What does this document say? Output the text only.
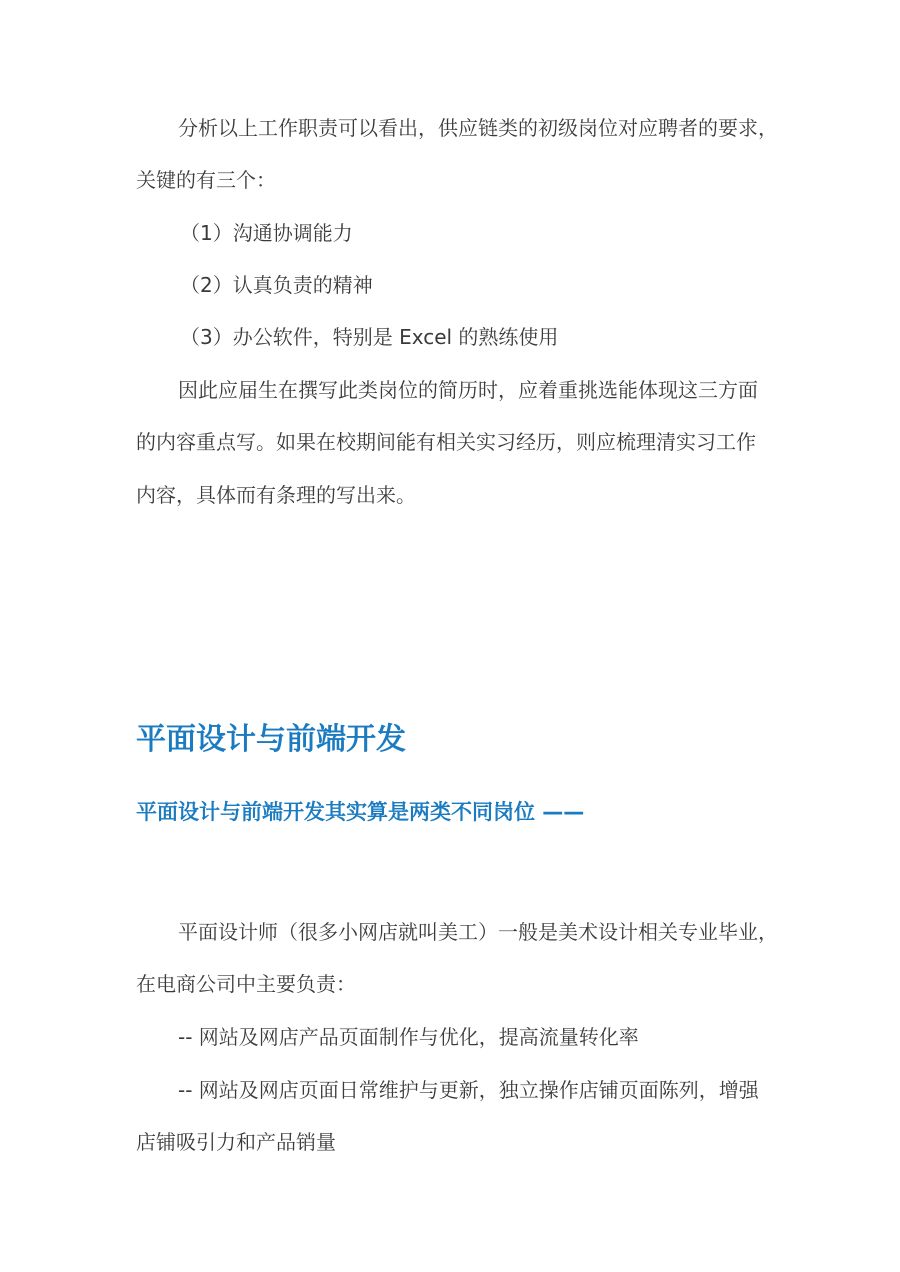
分析以上工作职责可以看出，供应链类的初级岗位对应聘者的要求，
关键的有三个：
（1）沟通协调能力
（2）认真负责的精神
（3）办公软件，特别是 Excel 的熟练使用
因此应届生在撰写此类岗位的简历时，应着重挑选能体现这三方面
的内容重点写。如果在校期间能有相关实习经历，则应梳理清实习工作
内容，具体而有条理的写出来。
平面设计与前端开发
平面设计与前端开发其实算是两类不同岗位 ——
平面设计师（很多小网店就叫美工）一般是美术设计相关专业毕业，
在电商公司中主要负责：
-- 网站及网店产品页面制作与优化，提高流量转化率
-- 网站及网店页面日常维护与更新，独立操作店铺页面陈列，增强
店铺吸引力和产品销量
